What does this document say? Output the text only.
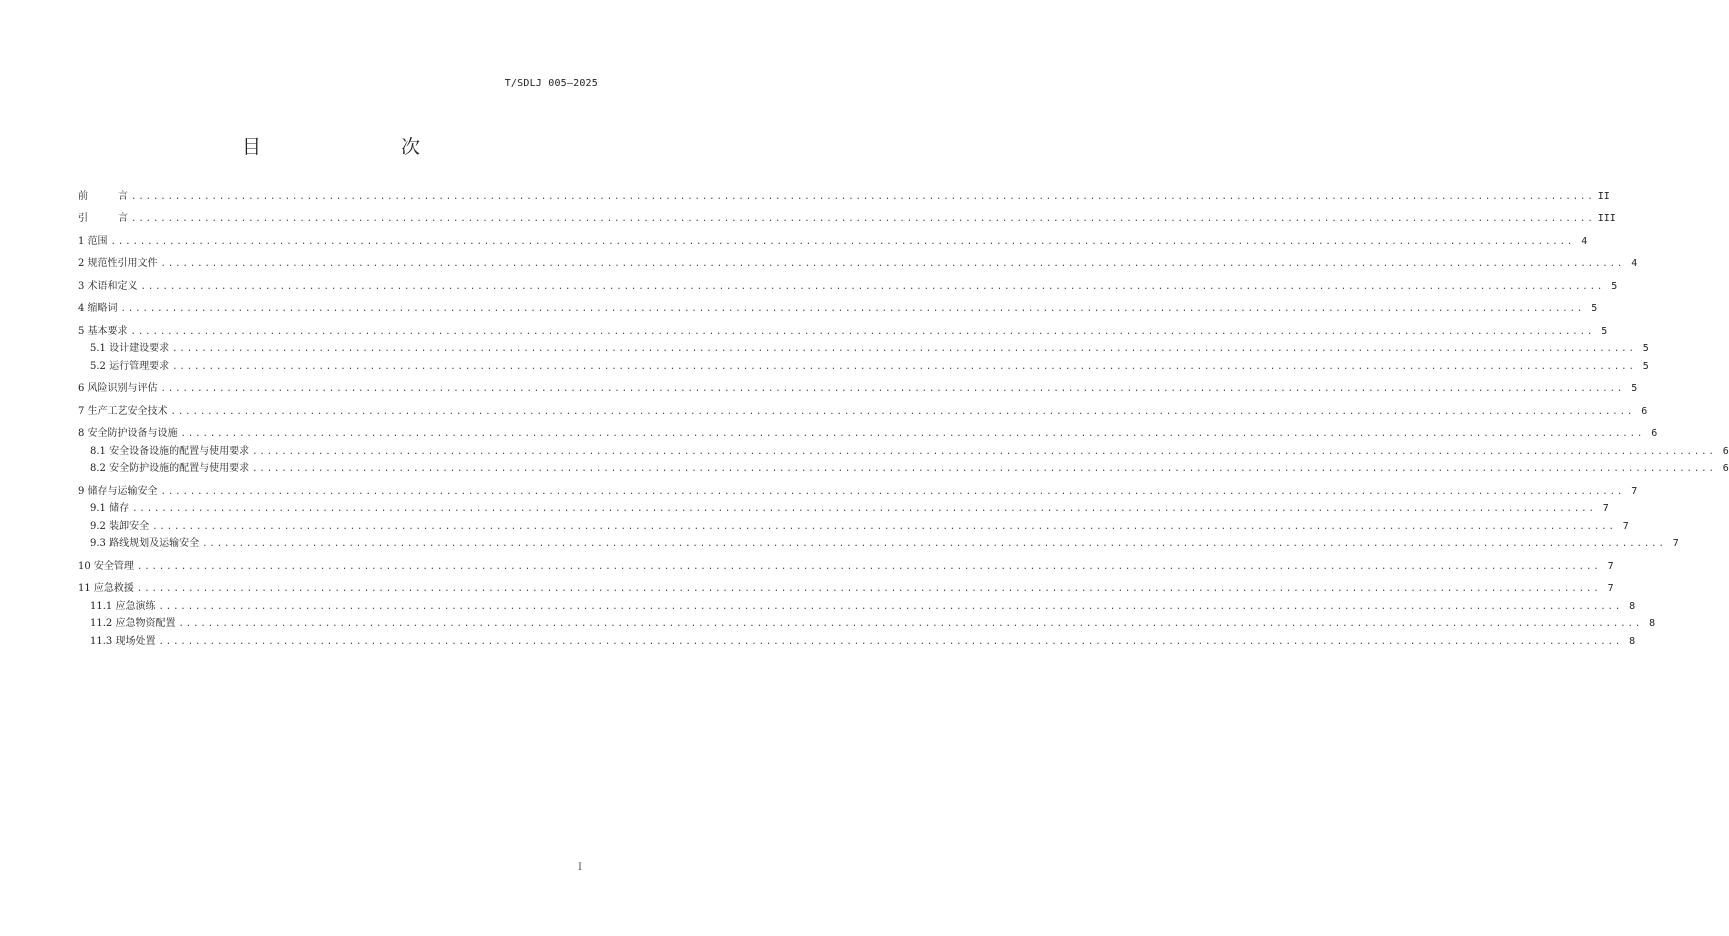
T/SDLJ 005—2025
目　　次
前　　　言 ........................................................................................................................................................................................................ II
引　　　言 ........................................................................................................................................................................................................ III
1 范围 ........................................................................................................................................................................................................ 4
2 规范性引用文件 ........................................................................................................................................................................................................ 4
3 术语和定义 ........................................................................................................................................................................................................ 5
4 缩略词 ........................................................................................................................................................................................................ 5
5 基本要求 ........................................................................................................................................................................................................ 5
5.1 设计建设要求 ........................................................................................................................................................................................................ 5
5.2 运行管理要求 ........................................................................................................................................................................................................ 5
6 风险识别与评估 ........................................................................................................................................................................................................ 5
7 生产工艺安全技术 ........................................................................................................................................................................................................ 6
8 安全防护设备与设施 ........................................................................................................................................................................................................ 6
8.1 安全设备设施的配置与使用要求 ........................................................................................................................................................................................................ 6
8.2 安全防护设施的配置与使用要求 ........................................................................................................................................................................................................ 6
9 储存与运输安全 ........................................................................................................................................................................................................ 7
9.1 储存 ........................................................................................................................................................................................................ 7
9.2 装卸安全 ........................................................................................................................................................................................................ 7
9.3 路线规划及运输安全 ........................................................................................................................................................................................................ 7
10 安全管理 ........................................................................................................................................................................................................ 7
11 应急救援 ........................................................................................................................................................................................................ 7
11.1 应急演练 ........................................................................................................................................................................................................ 8
11.2 应急物资配置 ........................................................................................................................................................................................................ 8
11.3 现场处置 ........................................................................................................................................................................................................ 8
I
